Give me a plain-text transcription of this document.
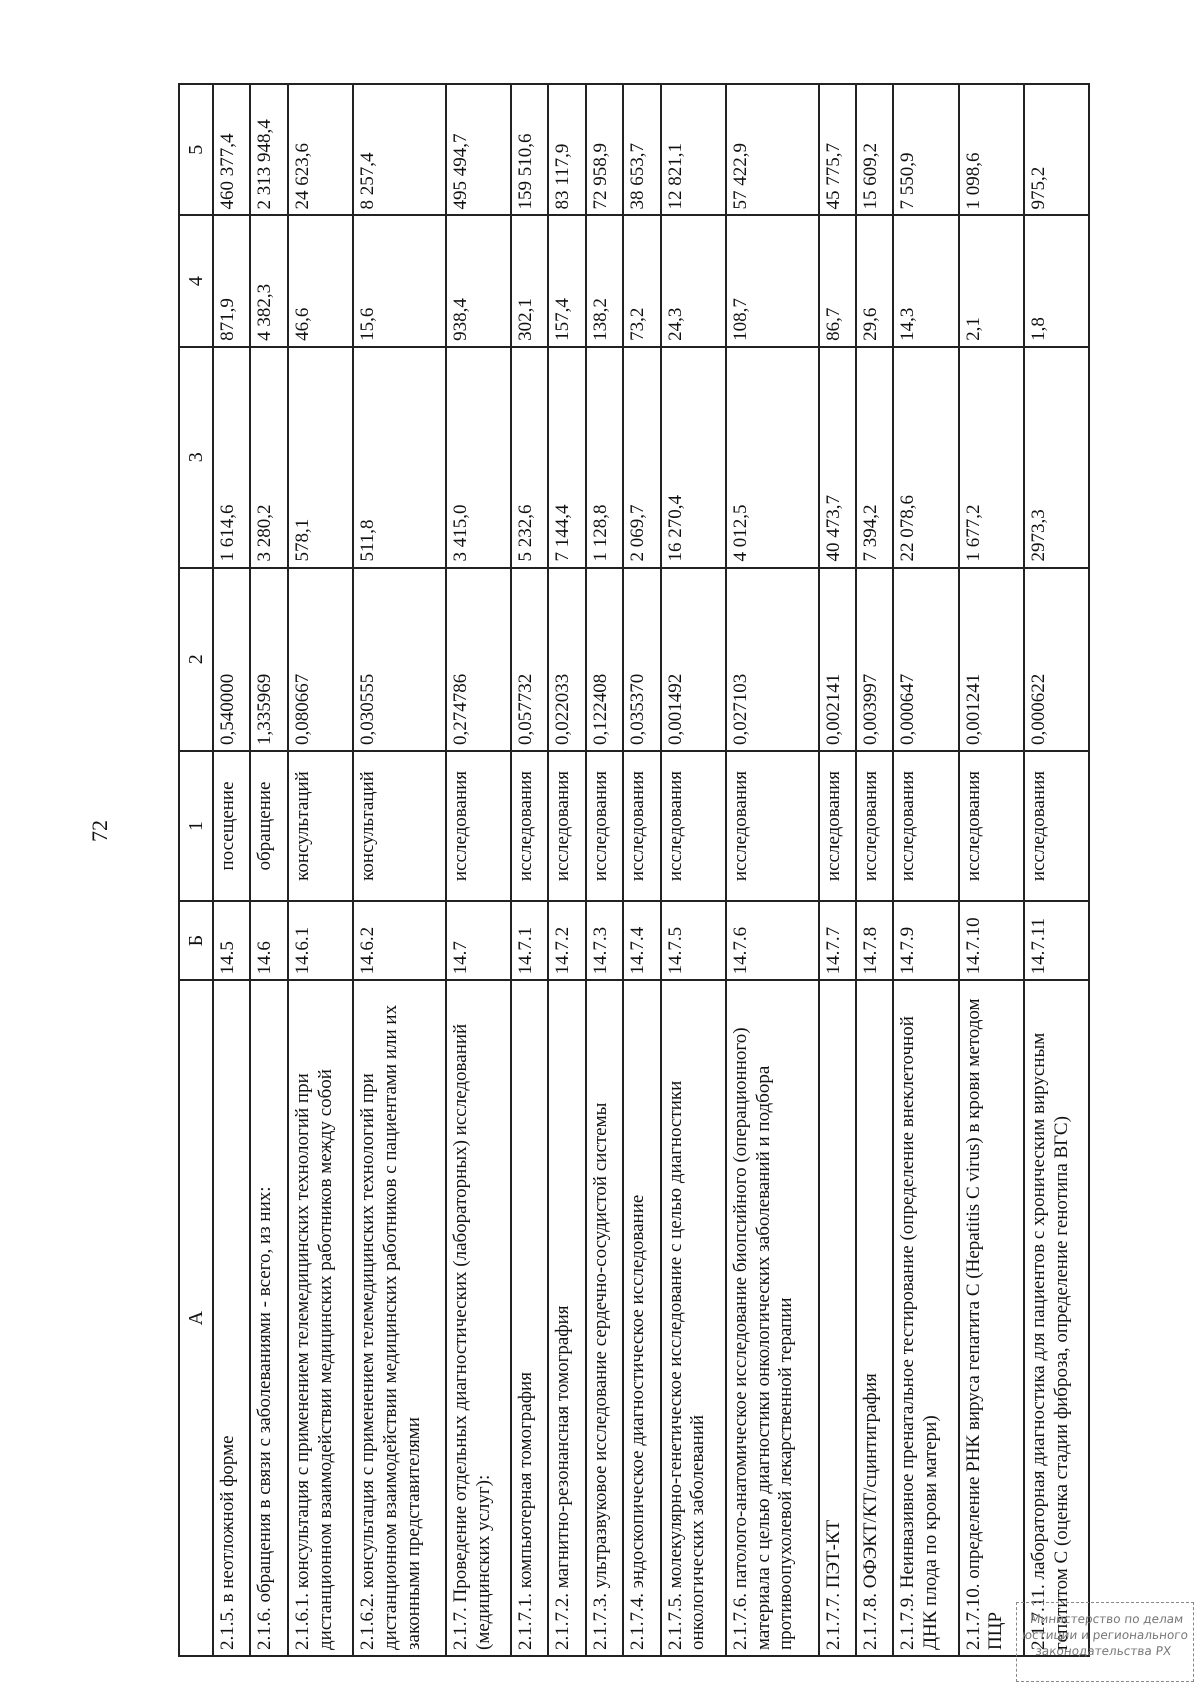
72
А	Б	1	2	3	4	5
2.1.5. в неотложной форме	14.5	посещение	0,540000	1 614,6	871,9	460 377,4
2.1.6. обращения в связи с заболеваниями - всего, из них:	14.6	обращение	1,335969	3 280,2	4 382,3	2 313 948,4
2.1.6.1. консультация с применением телемедицинских технологий при дистанционном взаимодействии медицинских работников между собой	14.6.1	консультаций	0,080667	578,1	46,6	24 623,6
2.1.6.2. консультация с применением телемедицинских технологий при дистанционном взаимодействии медицинских работников с пациентами или их законными представителями	14.6.2	консультаций	0,030555	511,8	15,6	8 257,4
2.1.7. Проведение отдельных диагностических (лабораторных) исследований (медицинских услуг):	14.7	исследования	0,274786	3 415,0	938,4	495 494,7
2.1.7.1. компьютерная томография	14.7.1	исследования	0,057732	5 232,6	302,1	159 510,6
2.1.7.2. магнитно-резонансная томография	14.7.2	исследования	0,022033	7 144,4	157,4	83 117,9
2.1.7.3. ультразвуковое исследование сердечно-сосудистой системы	14.7.3	исследования	0,122408	1 128,8	138,2	72 958,9
2.1.7.4. эндоскопическое диагностическое исследование	14.7.4	исследования	0,035370	2 069,7	73,2	38 653,7
2.1.7.5. молекулярно-генетическое исследование с целью диагностики онкологических заболеваний	14.7.5	исследования	0,001492	16 270,4	24,3	12 821,1
2.1.7.6. патолого-анатомическое исследование биопсийного (операционного) материала с целью диагностики онкологических заболеваний и подбора противоопухолевой лекарственной терапии	14.7.6	исследования	0,027103	4 012,5	108,7	57 422,9
2.1.7.7. ПЭТ-КТ	14.7.7	исследования	0,002141	40 473,7	86,7	45 775,7
2.1.7.8. ОФЭКТ/КТ/сцинтиграфия	14.7.8	исследования	0,003997	7 394,2	29,6	15 609,2
2.1.7.9. Неинвазивное пренатальное тестирование (определение внеклеточной ДНК плода по крови матери)	14.7.9	исследования	0,000647	22 078,6	14,3	7 550,9
2.1.7.10. определение РНК вируса гепатита С (Hepatitis C virus) в крови методом ПЦР	14.7.10	исследования	0,001241	1 677,2	2,1	1 098,6
2.1.7.11. лабораторная диагностика для пациентов с хроническим вирусным гепатитом С (оценка стадии фиброза, определение генотипа ВГС)	14.7.11	исследования	0,000622	2973,3	1,8	975,2
Министерство по делам
юстиции и регионального
законодательства РХ
